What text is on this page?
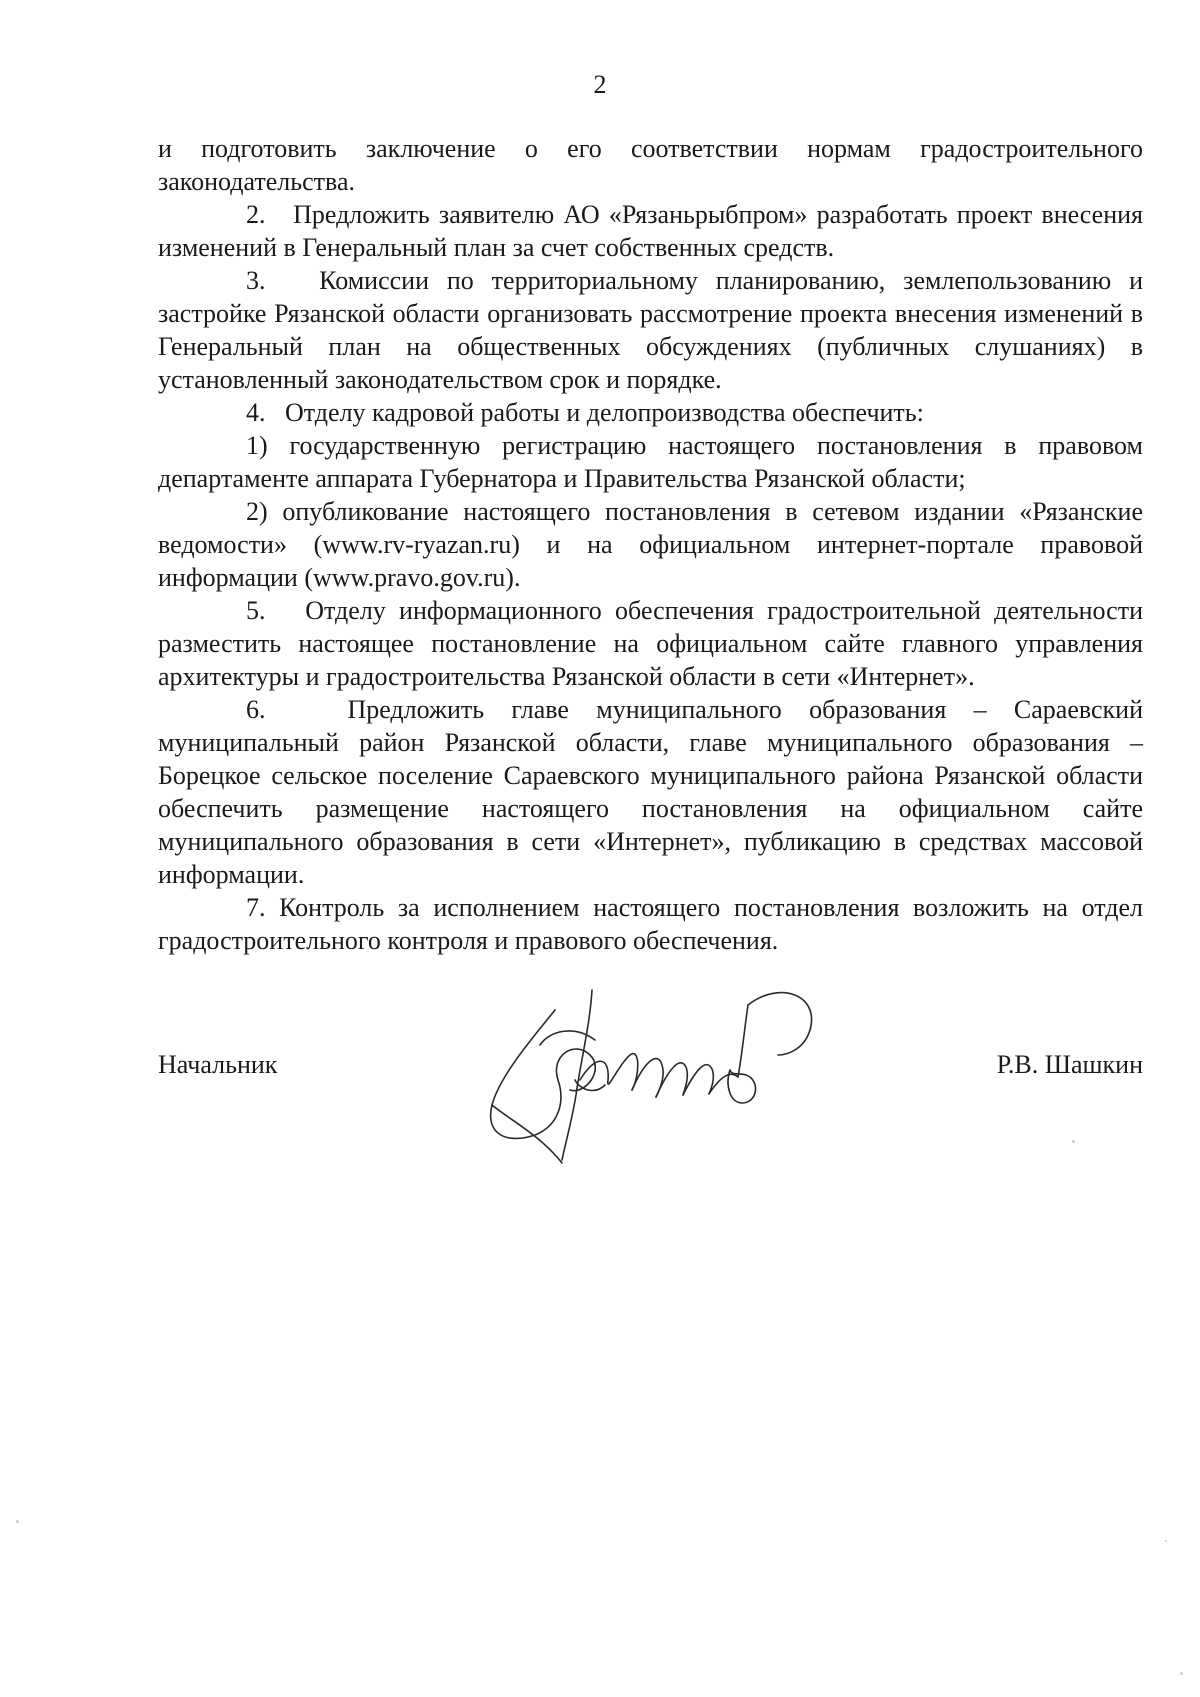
2

и подготовить заключение о его соответствии нормам градостроительного законодательства.

2.   Предложить заявителю АО «Рязаньрыбпром» разработать проект внесения изменений в Генеральный план за счет собственных средств.

3.   Комиссии по территориальному планированию, землепользованию и застройке Рязанской области организовать рассмотрение проекта внесения изменений в Генеральный план на общественных обсуждениях (публичных слушаниях) в установленный законодательством срок и порядке.

4.   Отделу кадровой работы и делопроизводства обеспечить:

1) государственную регистрацию настоящего постановления в правовом департаменте аппарата Губернатора и Правительства Рязанской области;

2) опубликование настоящего постановления в сетевом издании «Рязанские ведомости» (www.rv-ryazan.ru) и на официальном интернет-портале правовой информации (www.pravo.gov.ru).

5.   Отделу информационного обеспечения градостроительной деятельности разместить настоящее постановление на официальном сайте главного управления архитектуры и градостроительства Рязанской области в сети «Интернет».

6.   Предложить главе муниципального образования – Сараевский муниципальный район Рязанской области, главе муниципального образования – Борецкое сельское поселение Сараевского муниципального района Рязанской области обеспечить размещение настоящего постановления на официальном сайте муниципального образования в сети «Интернет», публикацию в средствах массовой информации.

7. Контроль за исполнением настоящего постановления возложить на отдел градостроительного контроля и правового обеспечения.

Начальник	Р.В. Шашкин
